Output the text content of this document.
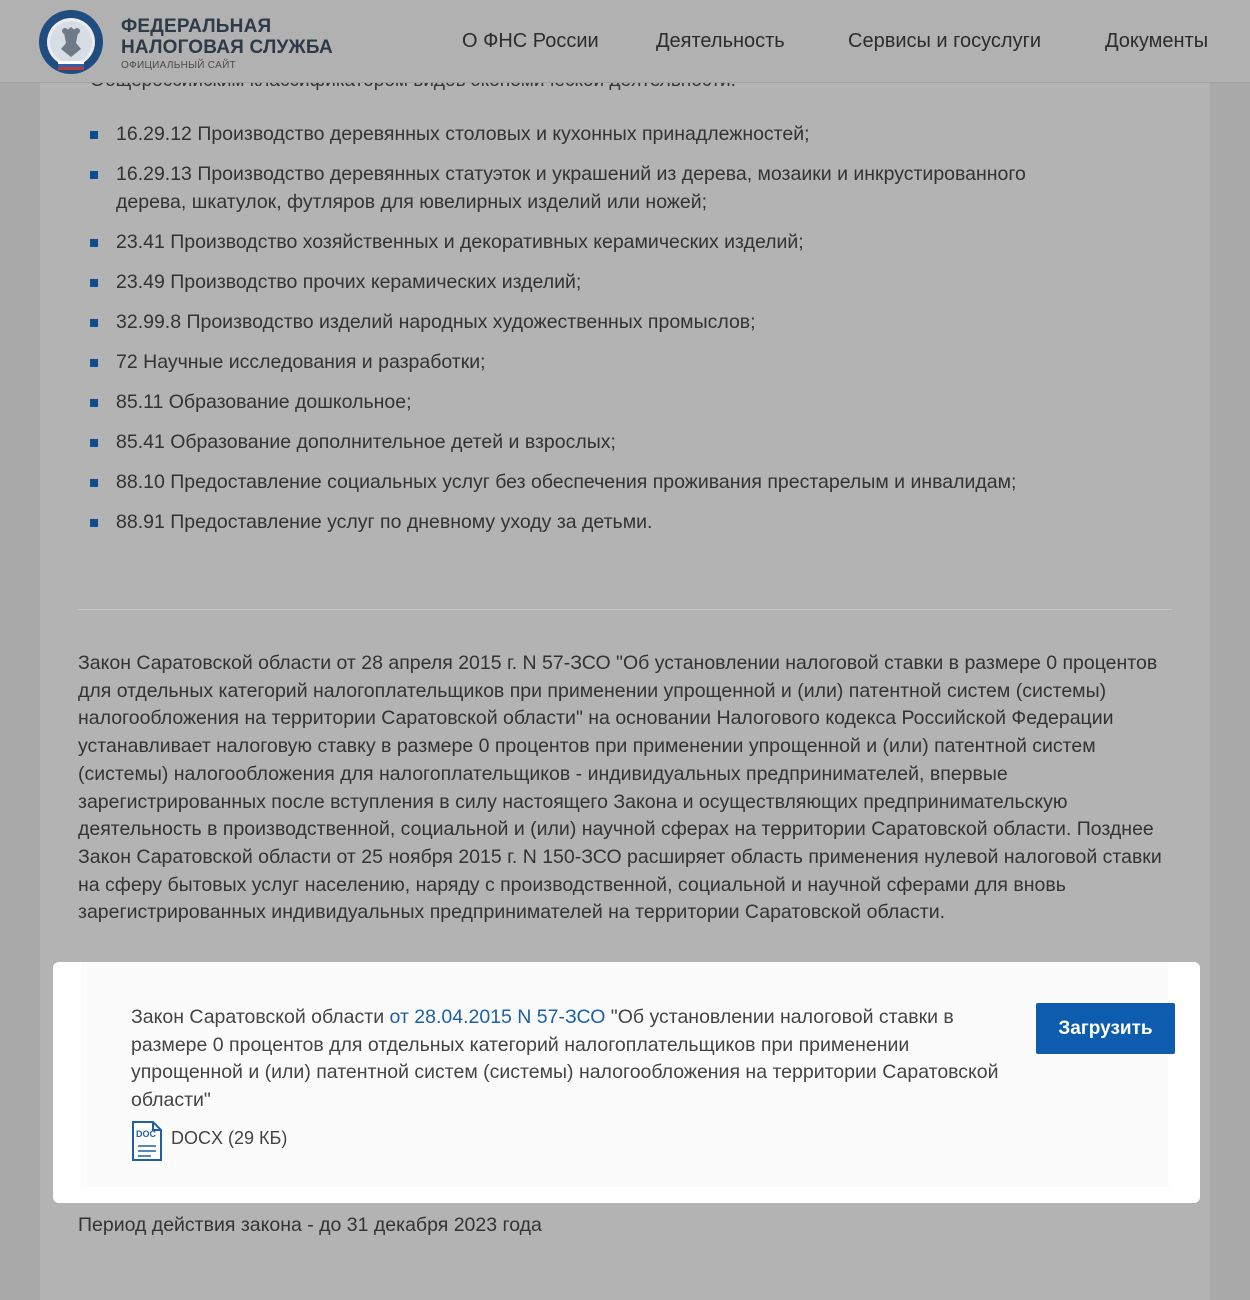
ФЕДЕРАЛЬНАЯ
НАЛОГОВАЯ СЛУЖБА
ОФИЦИАЛЬНЫЙ САЙТ
О ФНС России	Деятельность	Сервисы и госуслуги	Документы
16.29.12 Производство деревянных столовых и кухонных принадлежностей;
16.29.13 Производство деревянных статуэток и украшений из дерева, мозаики и инкрустированного дерева, шкатулок, футляров для ювелирных изделий или ножей;
23.41 Производство хозяйственных и декоративных керамических изделий;
23.49 Производство прочих керамических изделий;
32.99.8 Производство изделий народных художественных промыслов;
72 Научные исследования и разработки;
85.11 Образование дошкольное;
85.41 Образование дополнительное детей и взрослых;
88.10 Предоставление социальных услуг без обеспечения проживания престарелым и инвалидам;
88.91 Предоставление услуг по дневному уходу за детьми.
Закон Саратовской области от 28 апреля 2015 г. N 57-ЗСО "Об установлении налоговой ставки в размере 0 процентов для отдельных категорий налогоплательщиков при применении упрощенной и (или) патентной систем (системы) налогообложения на территории Саратовской области" на основании Налогового кодекса Российской Федерации устанавливает налоговую ставку в размере 0 процентов при применении упрощенной и (или) патентной систем (системы) налогообложения для налогоплательщиков - индивидуальных предпринимателей, впервые зарегистрированных после вступления в силу настоящего Закона и осуществляющих предпринимательскую деятельность в производственной, социальной и (или) научной сферах на территории Саратовской области. Позднее Закон Саратовской области от 25 ноября 2015 г. N 150-ЗСО расширяет область применения нулевой налоговой ставки на сферу бытовых услуг населению, наряду с производственной, социальной и научной сферами для вновь зарегистрированных индивидуальных предпринимателей на территории Саратовской области.
Закон Саратовской области от 28.04.2015 N 57-ЗСО "Об установлении налоговой ставки в размере 0 процентов для отдельных категорий налогоплательщиков при применении упрощенной и (или) патентной систем (системы) налогообложения на территории Саратовской области"
Загрузить
DOC DOCX (29 КБ)
Период действия закона - до 31 декабря 2023 года
